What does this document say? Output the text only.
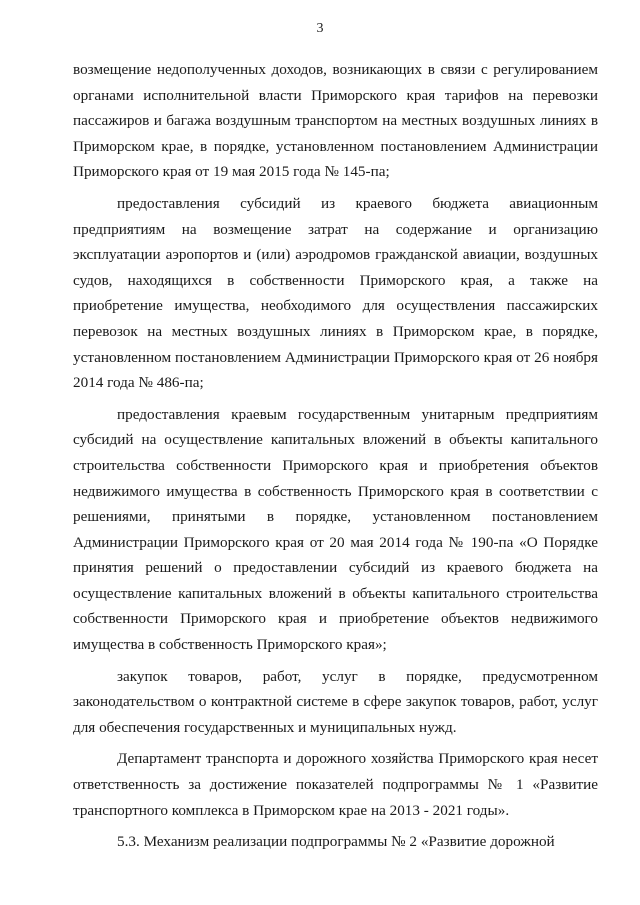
3

возмещение недополученных доходов, возникающих в связи с регулированием органами исполнительной власти Приморского края тарифов на перевозки пассажиров и багажа воздушным транспортом на местных воздушных линиях в Приморском крае, в порядке, установленном постановлением Администрации Приморского края от 19 мая 2015 года № 145-па;

предоставления субсидий из краевого бюджета авиационным предприятиям на возмещение затрат на содержание и организацию эксплуатации аэропортов и (или) аэродромов гражданской авиации, воздушных судов, находящихся в собственности Приморского края, а также на приобретение имущества, необходимого для осуществления пассажирских перевозок на местных воздушных линиях в Приморском крае, в порядке, установленном постановлением Администрации Приморского края от 26 ноября 2014 года № 486-па;

предоставления краевым государственным унитарным предприятиям субсидий на осуществление капитальных вложений в объекты капитального строительства собственности Приморского края и приобретения объектов недвижимого имущества в собственность Приморского края в соответствии с решениями, принятыми в порядке, установленном постановлением Администрации Приморского края от 20 мая 2014 года № 190-па «О Порядке принятия решений о предоставлении субсидий из краевого бюджета на осуществление капитальных вложений в объекты капитального строительства собственности Приморского края и приобретение объектов недвижимого имущества в собственность Приморского края»;

закупок товаров, работ, услуг в порядке, предусмотренном законодательством о контрактной системе в сфере закупок товаров, работ, услуг для обеспечения государственных и муниципальных нужд.

Департамент транспорта и дорожного хозяйства Приморского края несет ответственность за достижение показателей подпрограммы № 1 «Развитие транспортного комплекса в Приморском крае на 2013 - 2021 годы».

5.3. Механизм реализации подпрограммы № 2 «Развитие дорожной
